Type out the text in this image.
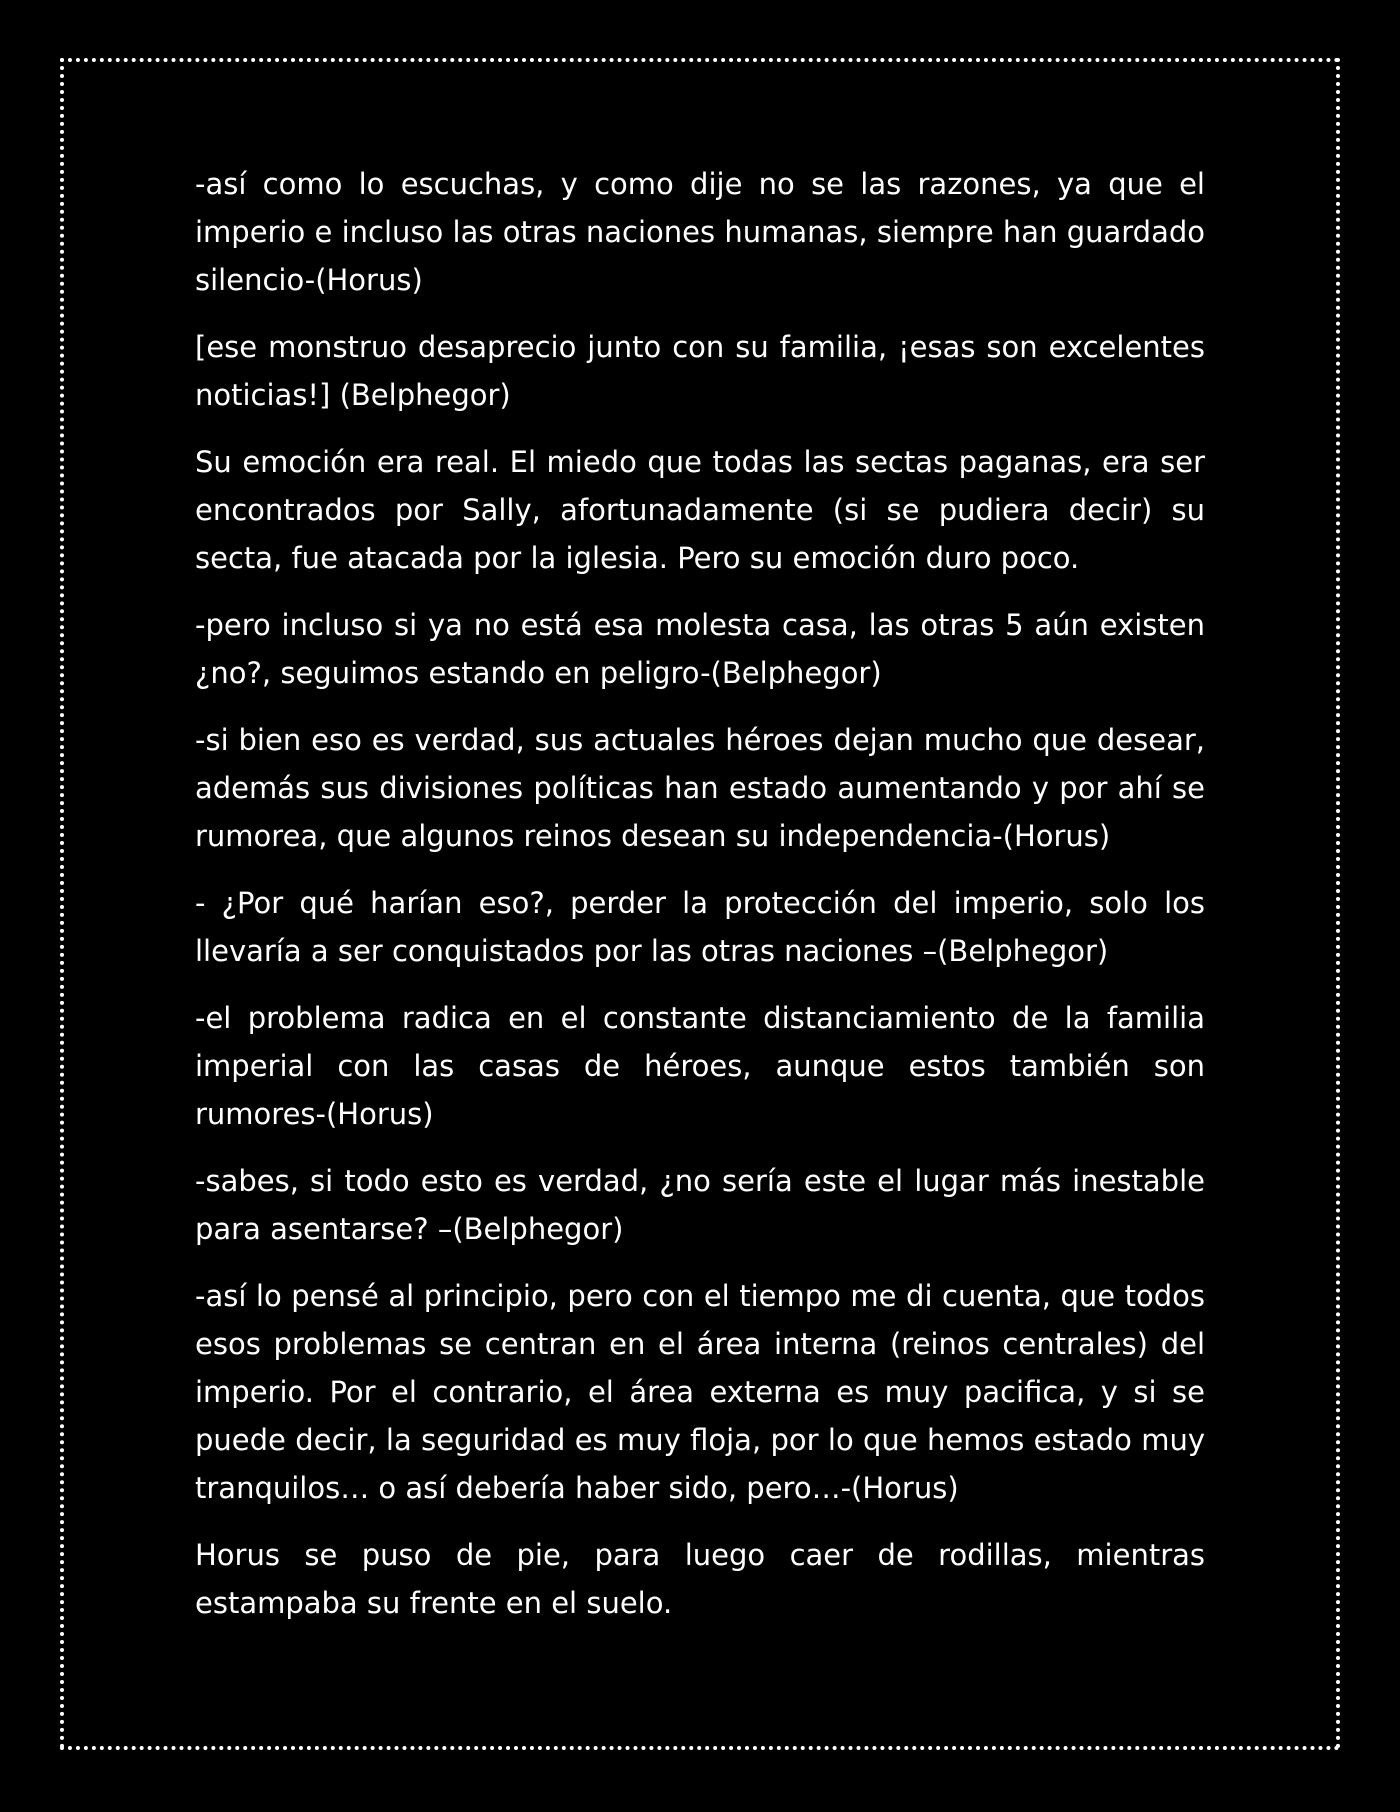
-así como lo escuchas, y como dije no se las razones, ya que el imperio e incluso las otras naciones humanas, siempre han guardado silencio-(Horus)

[ese monstruo desaprecio junto con su familia, ¡esas son excelentes noticias!] (Belphegor)

Su emoción era real. El miedo que todas las sectas paganas, era ser encontrados por Sally, afortunadamente (si se pudiera decir) su secta, fue atacada por la iglesia. Pero su emoción duro poco.

-pero incluso si ya no está esa molesta casa, las otras 5 aún existen ¿no?, seguimos estando en peligro-(Belphegor)

-si bien eso es verdad, sus actuales héroes dejan mucho que desear, además sus divisiones políticas han estado aumentando y por ahí se rumorea, que algunos reinos desean su independencia-(Horus)

- ¿Por qué harían eso?, perder la protección del imperio, solo los llevaría a ser conquistados por las otras naciones –(Belphegor)

-el problema radica en el constante distanciamiento de la familia imperial con las casas de héroes, aunque estos también son rumores-(Horus)

-sabes, si todo esto es verdad, ¿no sería este el lugar más inestable para asentarse? –(Belphegor)

-así lo pensé al principio, pero con el tiempo me di cuenta, que todos esos problemas se centran en el área interna (reinos centrales) del imperio. Por el contrario, el área externa es muy pacifica, y si se puede decir, la seguridad es muy floja, por lo que hemos estado muy tranquilos… o así debería haber sido, pero…-(Horus)

Horus se puso de pie, para luego caer de rodillas, mientras estampaba su frente en el suelo.
